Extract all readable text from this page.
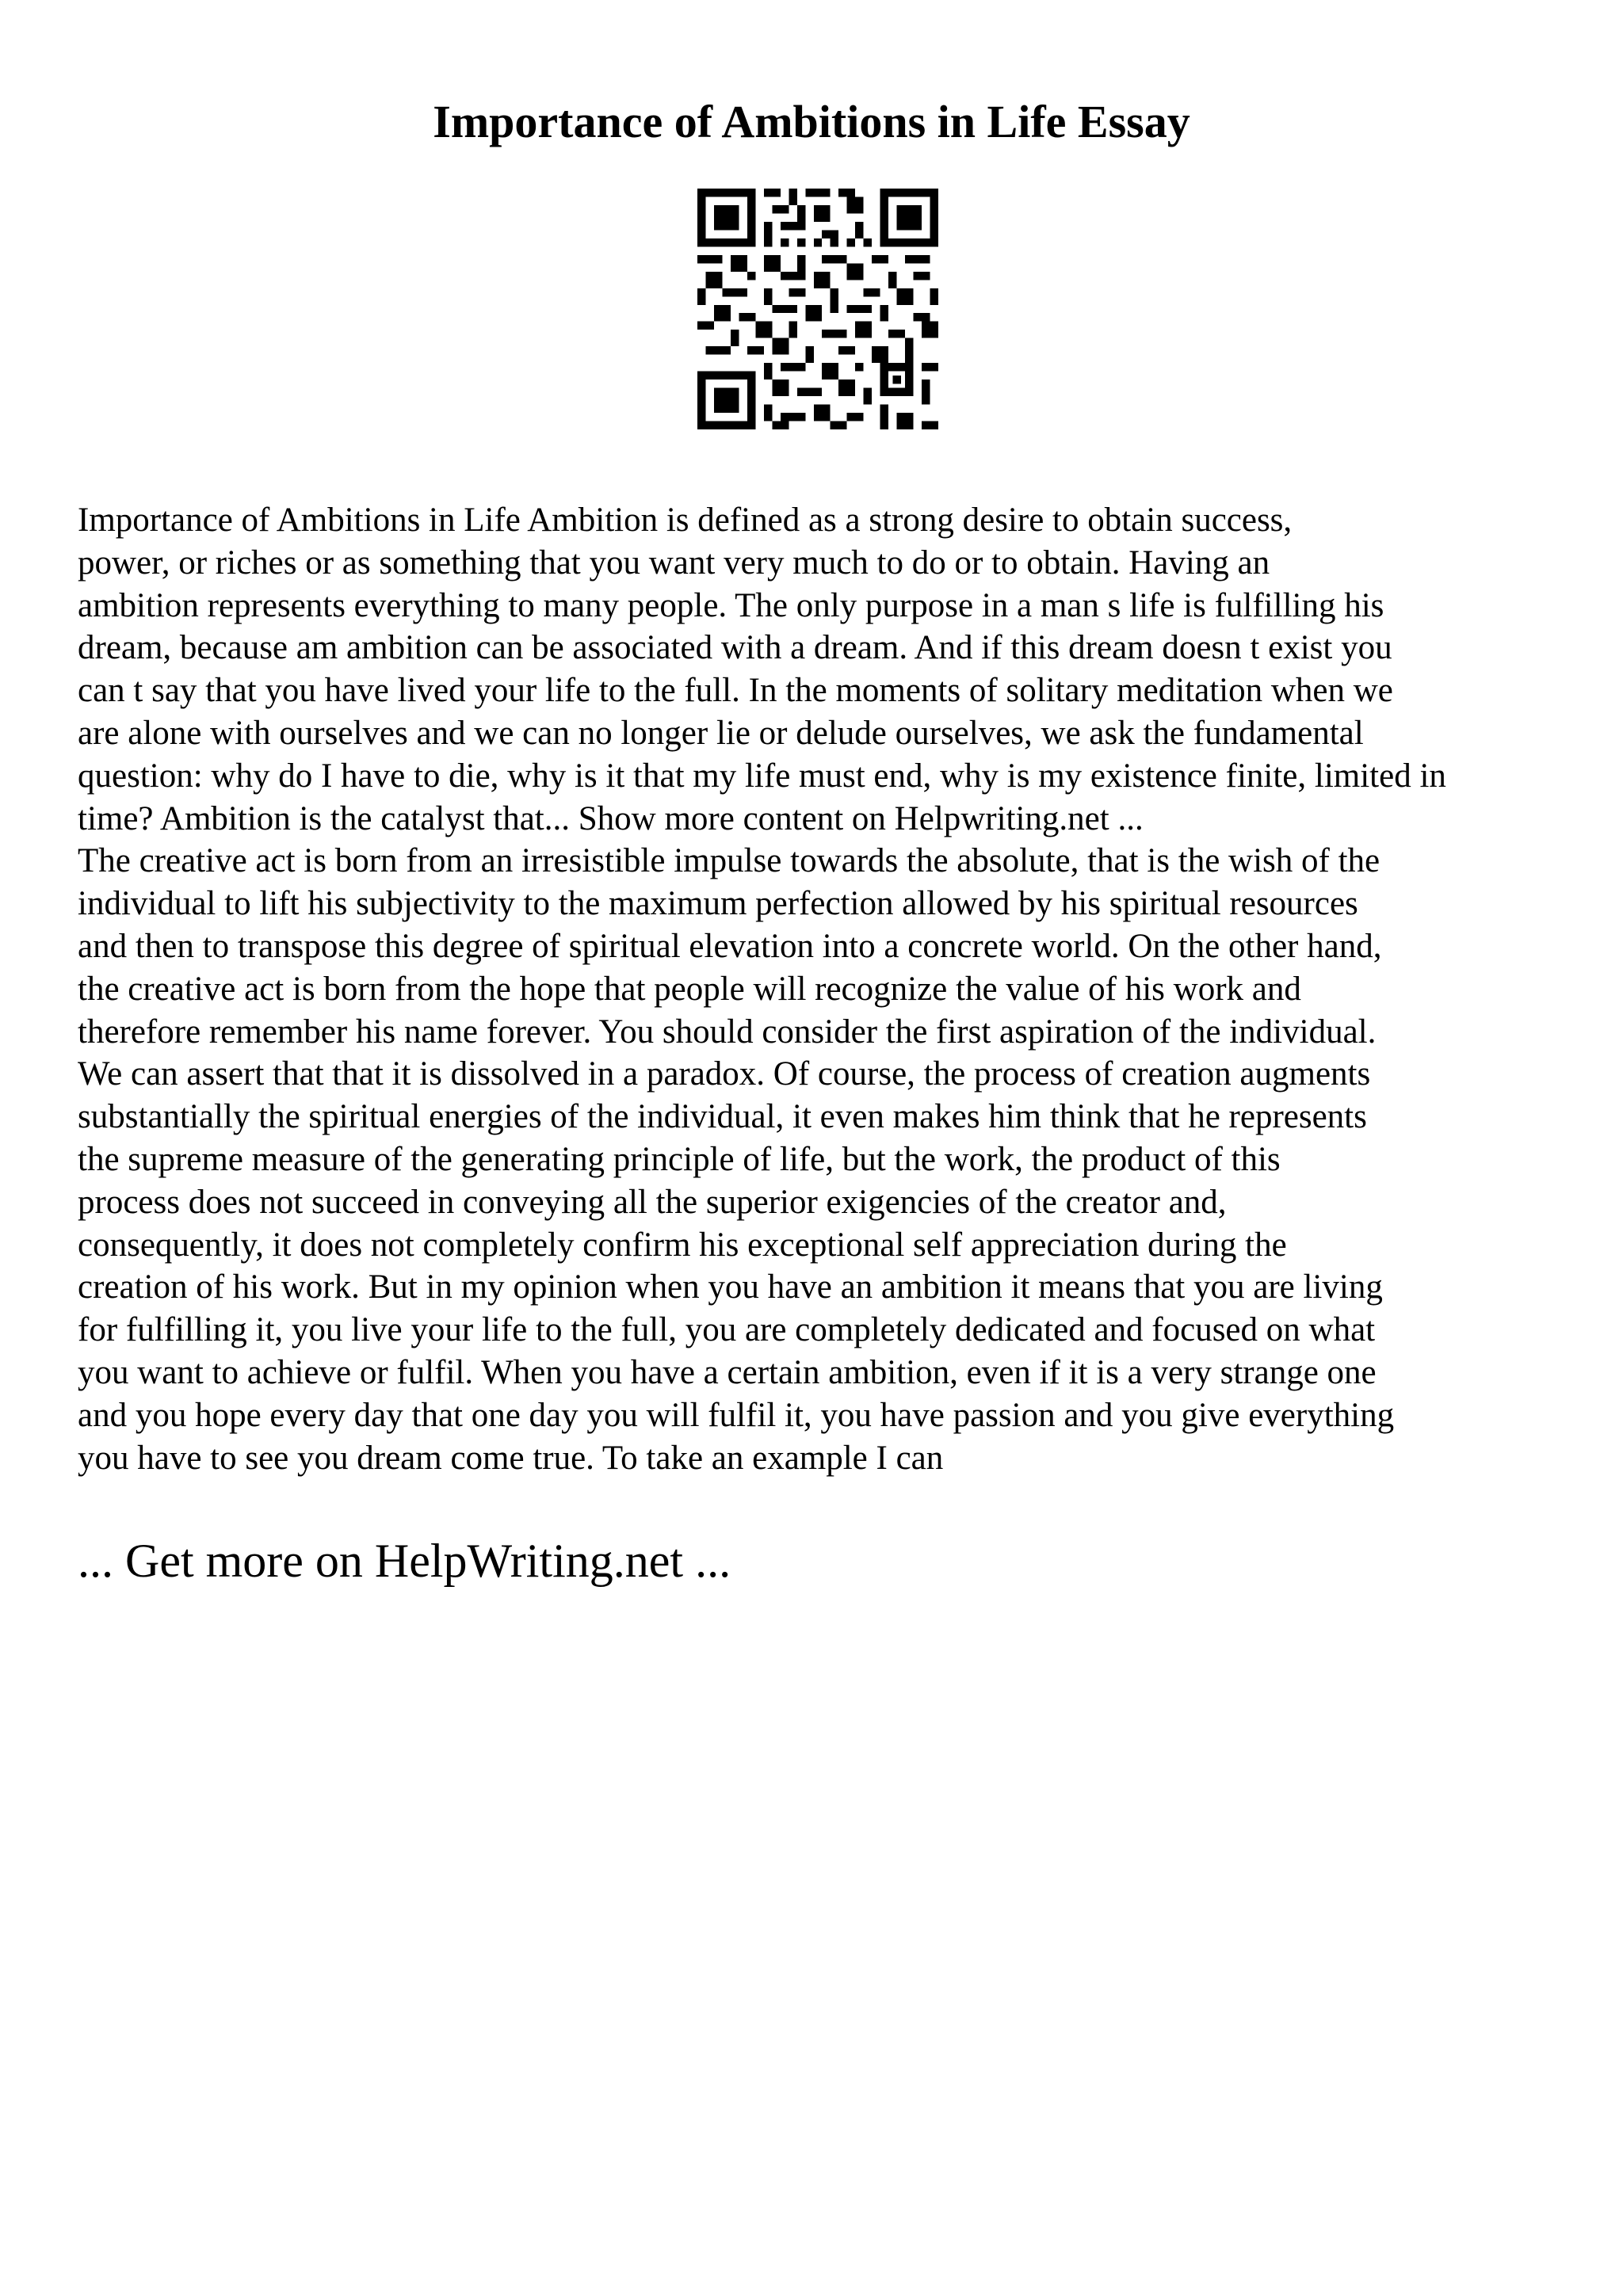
Importance of Ambitions in Life Essay
Importance of Ambitions in Life Ambition is defined as a strong desire to obtain success,
power, or riches or as something that you want very much to do or to obtain. Having an
ambition represents everything to many people. The only purpose in a man s life is fulfilling his
dream, because am ambition can be associated with a dream. And if this dream doesn t exist you
can t say that you have lived your life to the full. In the moments of solitary meditation when we
are alone with ourselves and we can no longer lie or delude ourselves, we ask the fundamental
question: why do I have to die, why is it that my life must end, why is my existence finite, limited in
time? Ambition is the catalyst that... Show more content on Helpwriting.net ...
The creative act is born from an irresistible impulse towards the absolute, that is the wish of the
individual to lift his subjectivity to the maximum perfection allowed by his spiritual resources
and then to transpose this degree of spiritual elevation into a concrete world. On the other hand,
the creative act is born from the hope that people will recognize the value of his work and
therefore remember his name forever. You should consider the first aspiration of the individual.
We can assert that that it is dissolved in a paradox. Of course, the process of creation augments
substantially the spiritual energies of the individual, it even makes him think that he represents
the supreme measure of the generating principle of life, but the work, the product of this
process does not succeed in conveying all the superior exigencies of the creator and,
consequently, it does not completely confirm his exceptional self appreciation during the
creation of his work. But in my opinion when you have an ambition it means that you are living
for fulfilling it, you live your life to the full, you are completely dedicated and focused on what
you want to achieve or fulfil. When you have a certain ambition, even if it is a very strange one
and you hope every day that one day you will fulfil it, you have passion and you give everything
you have to see you dream come true. To take an example I can
... Get more on HelpWriting.net ...
